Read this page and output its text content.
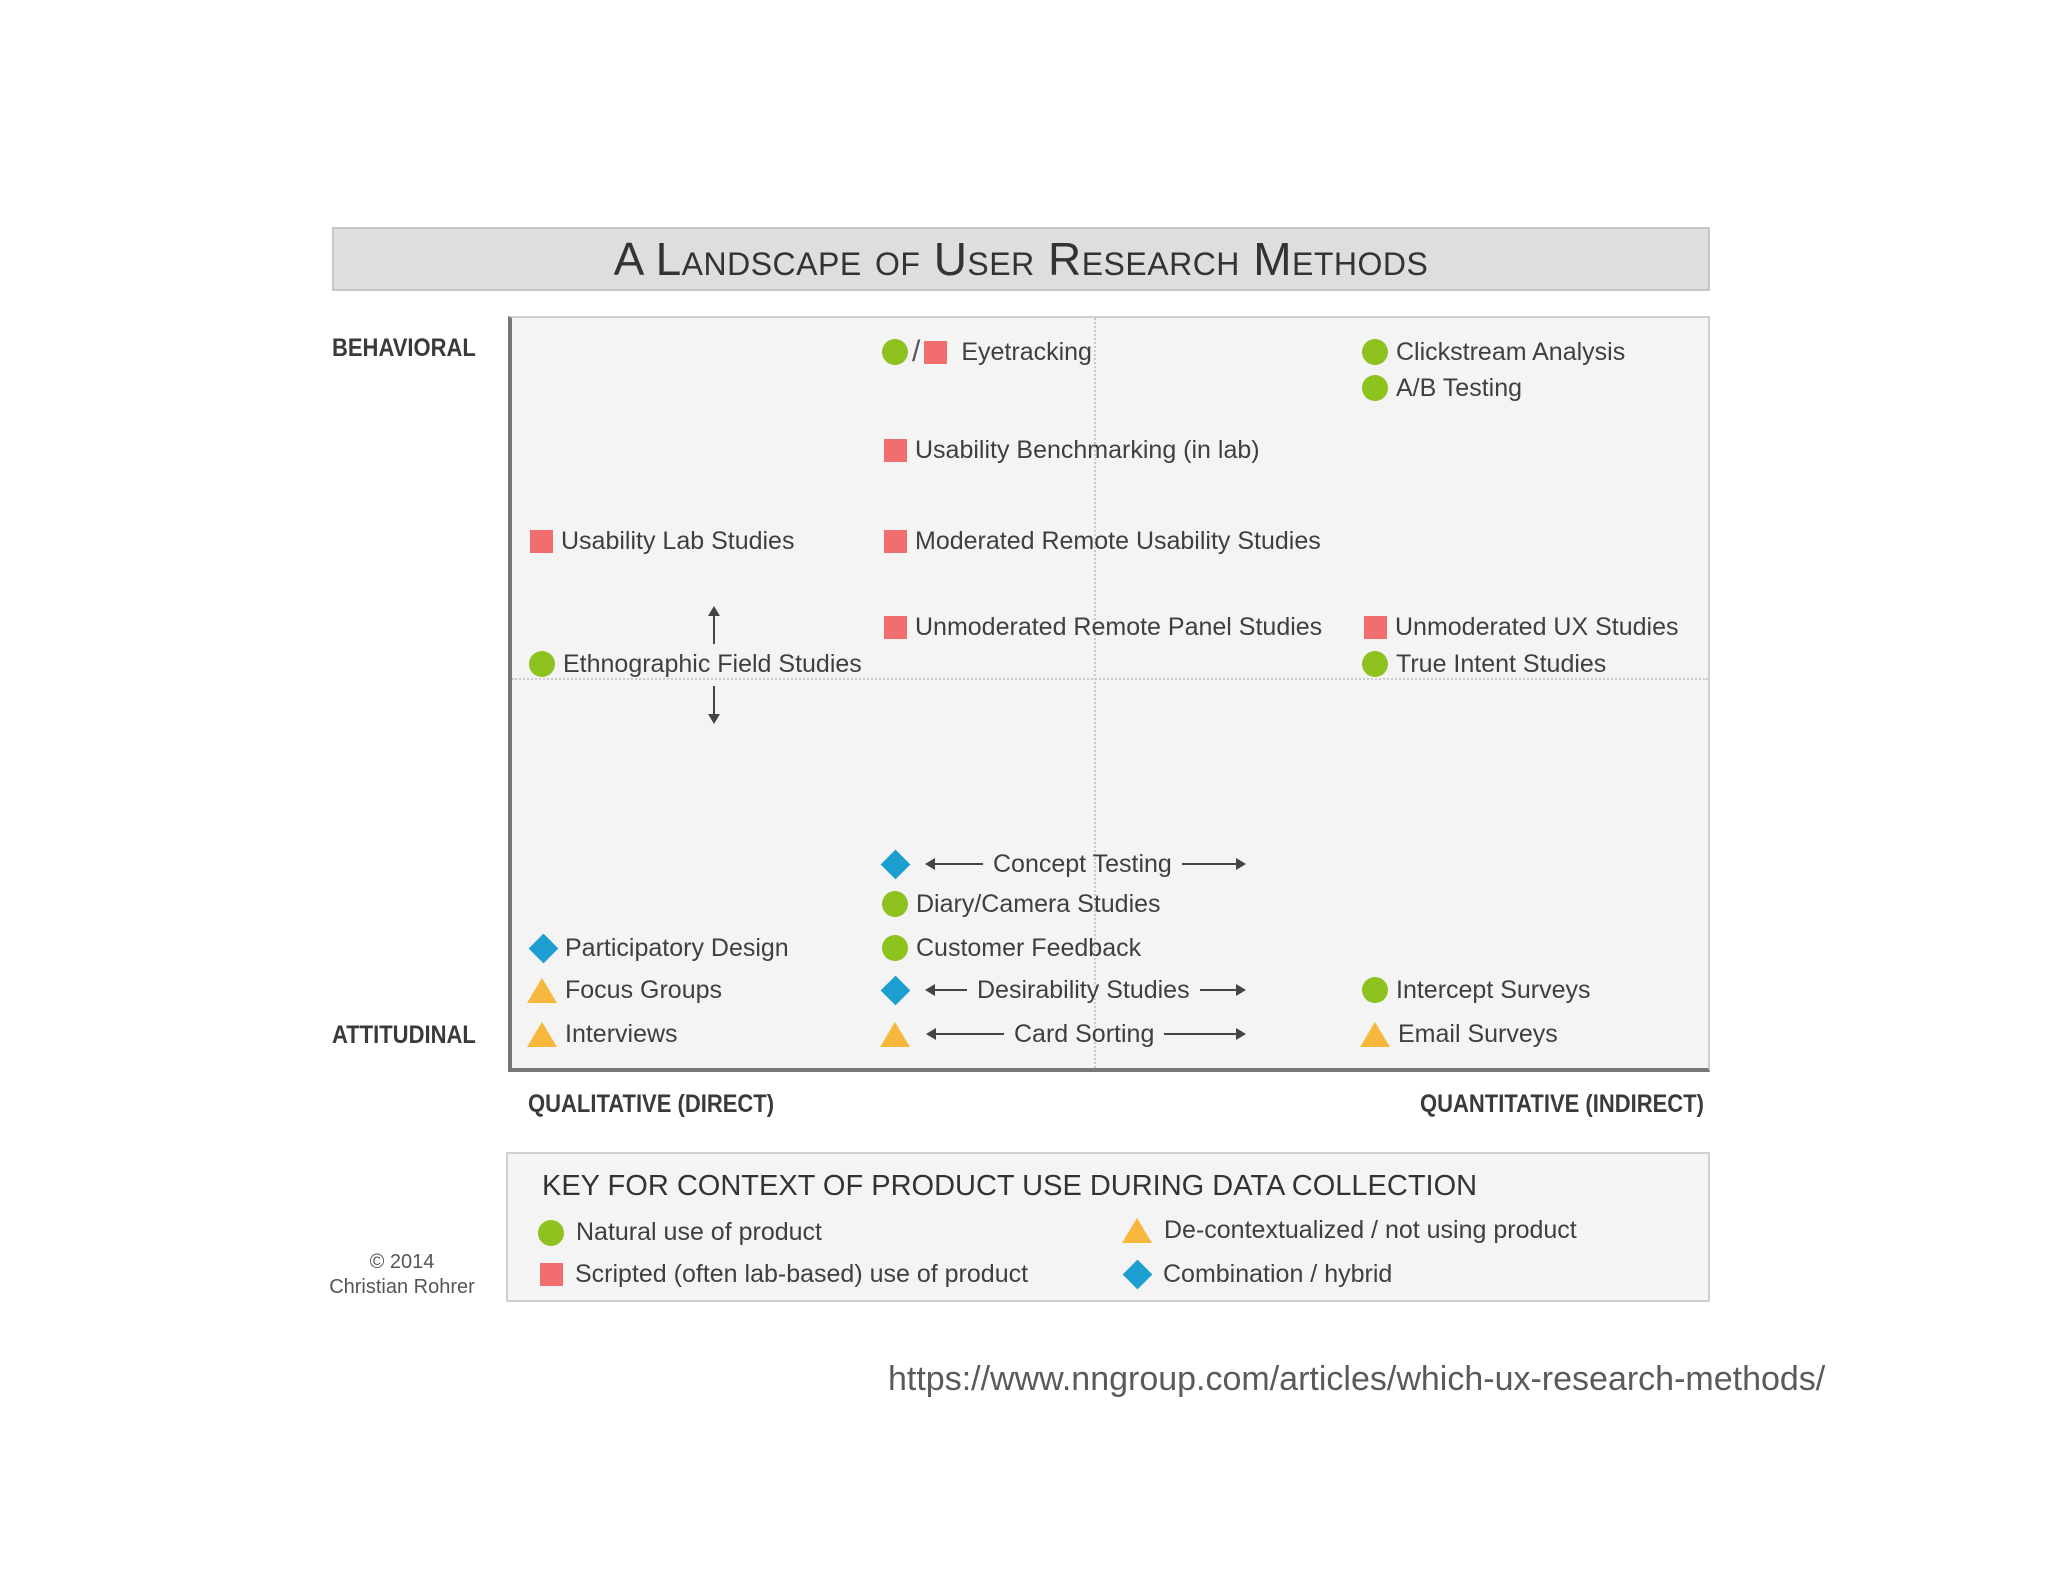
A Landscape of User Research Methods
BEHAVIORAL
ATTITUDINAL
QUALITATIVE (DIRECT)	QUANTITATIVE (INDIRECT)
/ Eyetracking	Clickstream Analysis
A/B Testing
Usability Benchmarking (in lab)
Usability Lab Studies	Moderated Remote Usability Studies
Unmoderated Remote Panel Studies	Unmoderated UX Studies
Ethnographic Field Studies	True Intent Studies
Concept Testing
Diary/Camera Studies
Participatory Design	Customer Feedback
Focus Groups	Desirability Studies	Intercept Surveys
Interviews	Card Sorting	Email Surveys
KEY FOR CONTEXT OF PRODUCT USE DURING DATA COLLECTION
Natural use of product
Scripted (often lab-based) use of product
De-contextualized / not using product
Combination / hybrid
© 2014
Christian Rohrer
https://www.nngroup.com/articles/which-ux-research-methods/
